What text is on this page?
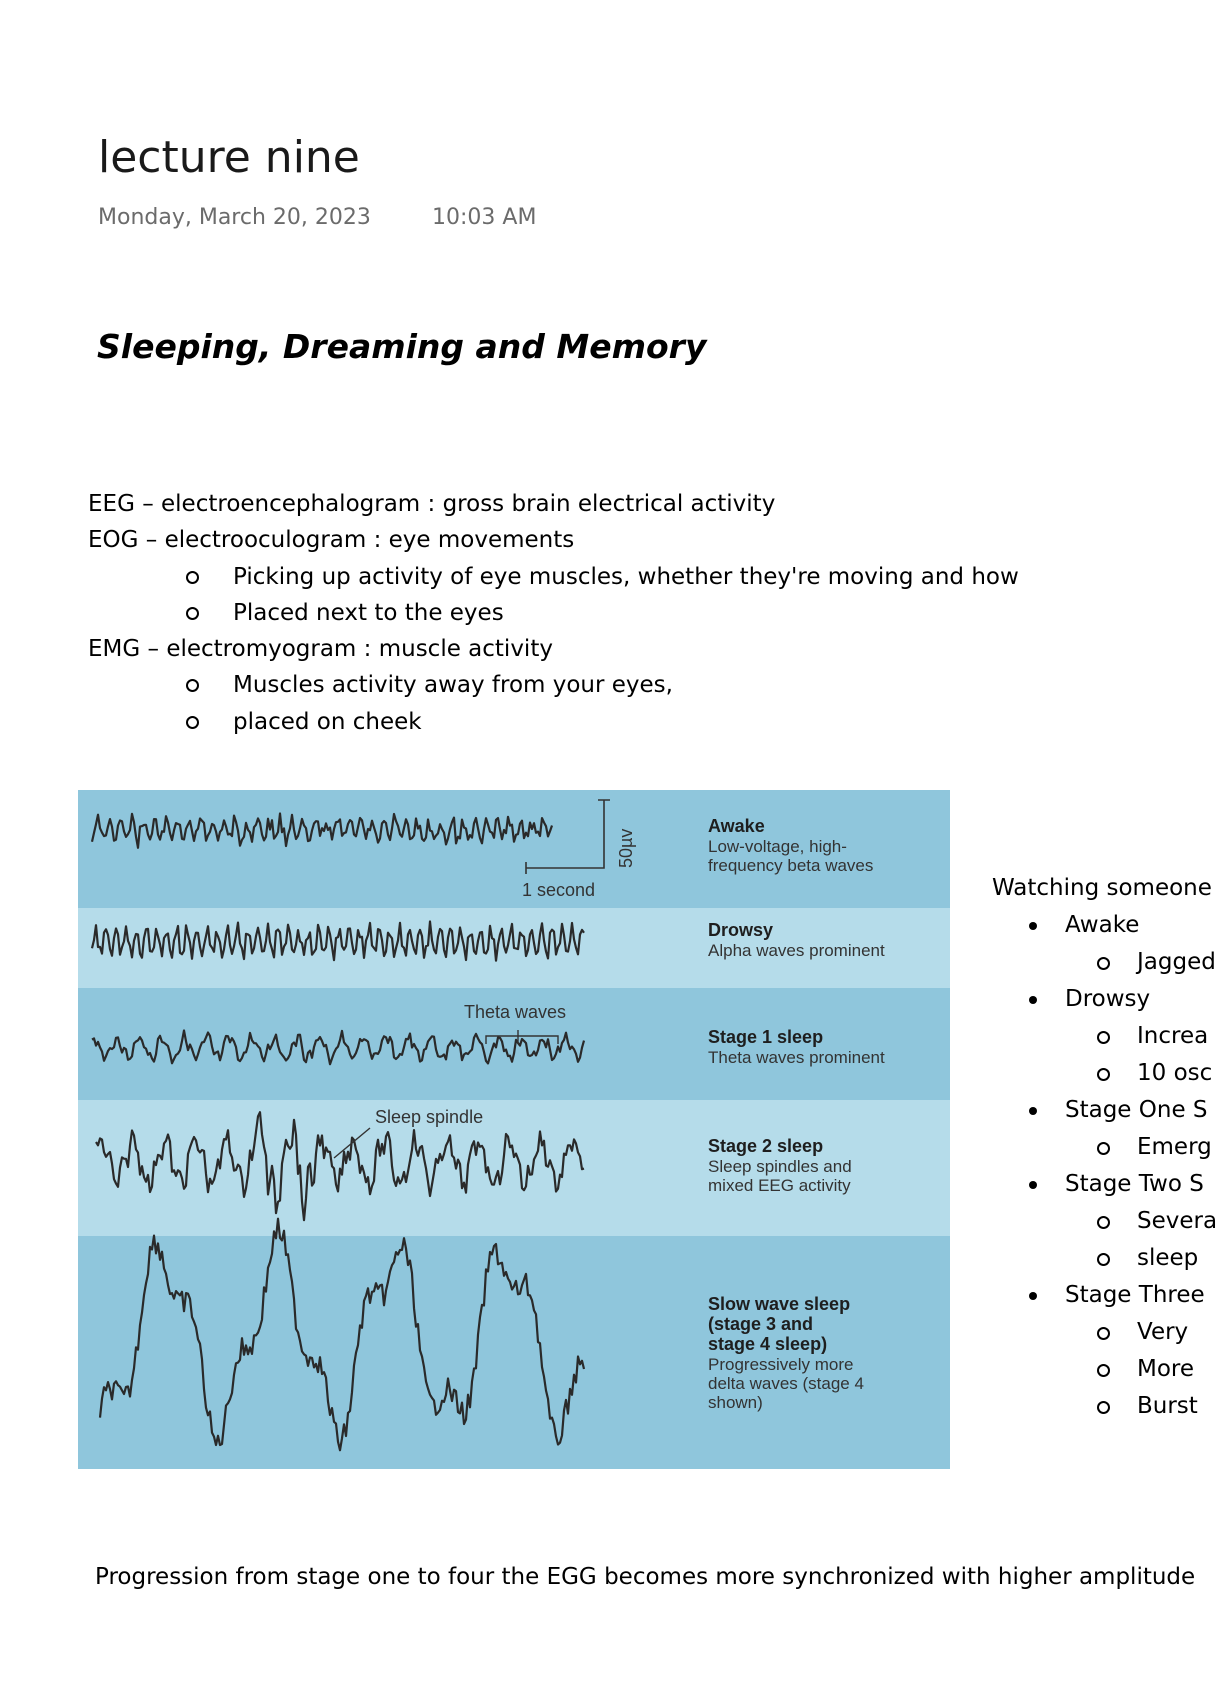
lecture nine
Monday, March 20, 2023	10:03 AM
Sleeping, Dreaming and Memory
EEG – electroencephalogram : gross brain electrical activity
EOG – electrooculogram : eye movements
Picking up activity of eye muscles, whether they're moving and how
Placed next to the eyes
EMG – electromyogram : muscle activity
Muscles activity away from your eyes,
placed on cheek
1 second
50µv
Theta waves
Sleep spindle
Awake
Low-voltage, high-
frequency beta waves
Drowsy
Alpha waves prominent
Stage 1 sleep
Theta waves prominent
Stage 2 sleep
Sleep spindles and
mixed EEG activity
Slow wave sleep
(stage 3 and
stage 4 sleep)
Progressively more
delta waves (stage 4
shown)
Watching someone
Awake
Jagged
Drowsy
Increa
10 osc
Stage One S
Emerg
Stage Two S
Severa
sleep
Stage Three
Very
More
Burst
Progression from stage one to four the EGG becomes more synchronized with higher amplitude
